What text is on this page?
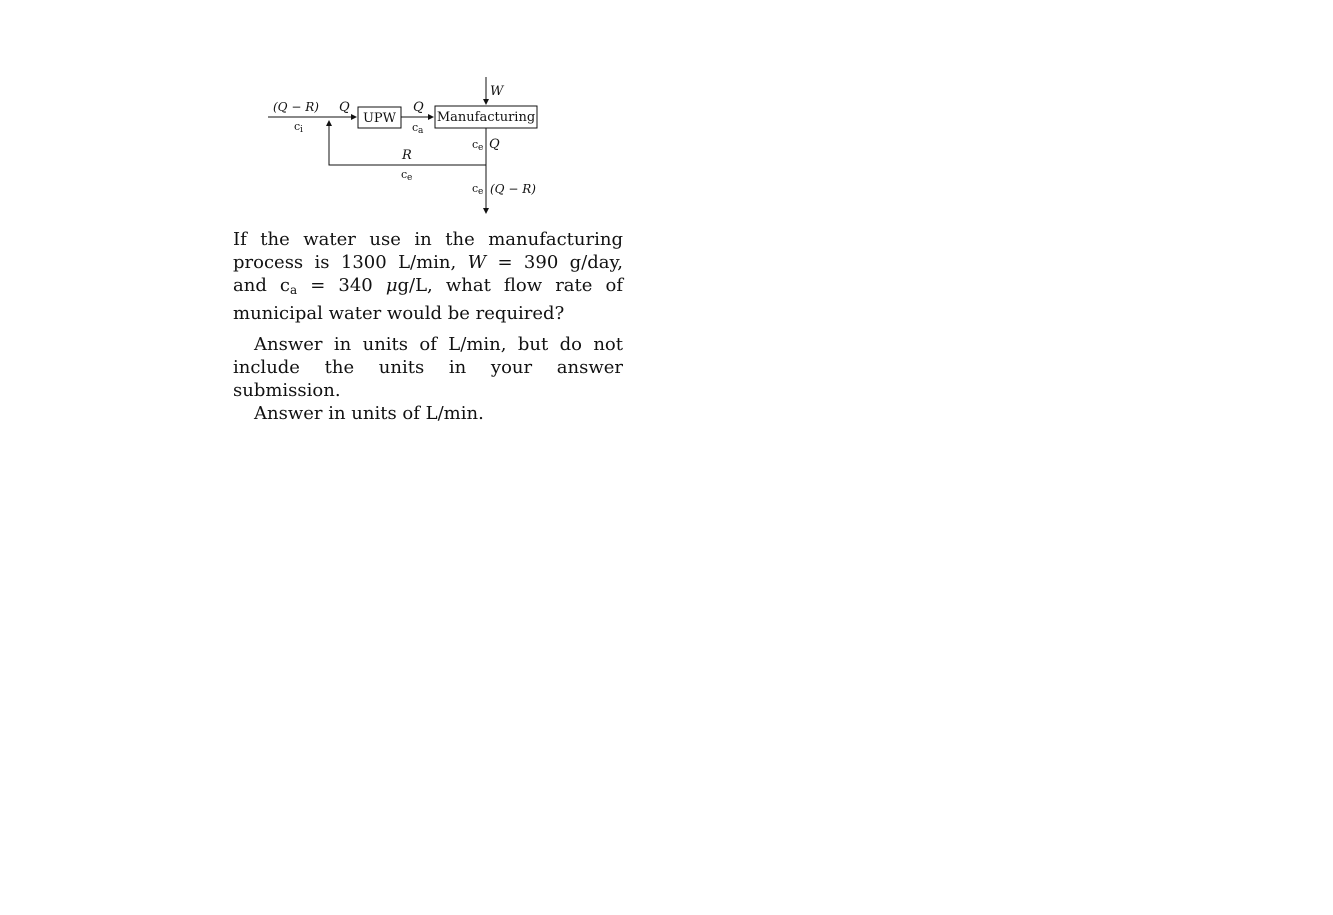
UPW	Manufacturing
W
(Q − R)
c i
Q	Q
c a
c e Q
R
c e
c e (Q − R)

If the water use in the manufacturing process is 1300 L/min, W = 390 g/day, and ca = 340 μg/L, what flow rate of municipal water would be required?

Answer in units of L/min, but do not include the units in your answer submission.

Answer in units of L/min.
